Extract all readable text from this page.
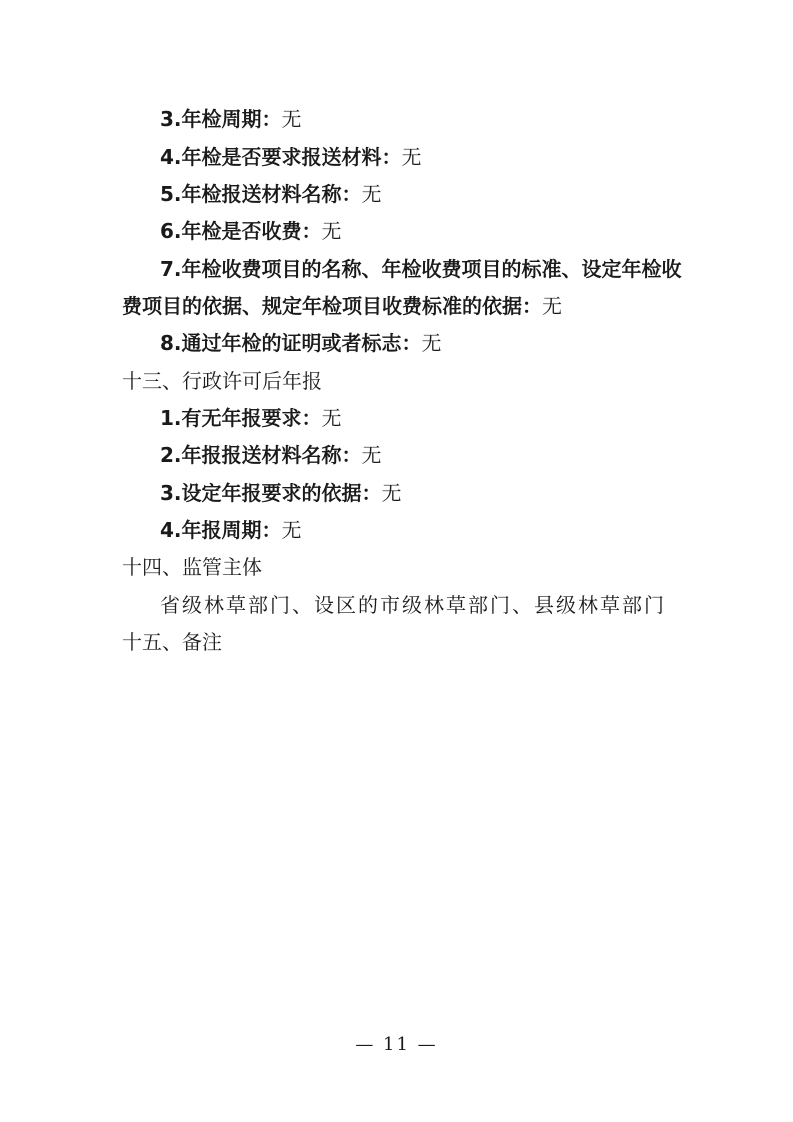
3.年检周期：无
4.年检是否要求报送材料：无
5.年检报送材料名称：无
6.年检是否收费：无
7.年检收费项目的名称、年检收费项目的标准、设定年检收
费项目的依据、规定年检项目收费标准的依据：无
8.通过年检的证明或者标志：无
十三、行政许可后年报
1.有无年报要求：无
2.年报报送材料名称：无
3.设定年报要求的依据：无
4.年报周期：无
十四、监管主体
省级林草部门、设区的市级林草部门、县级林草部门
十五、备注
— 11 —
